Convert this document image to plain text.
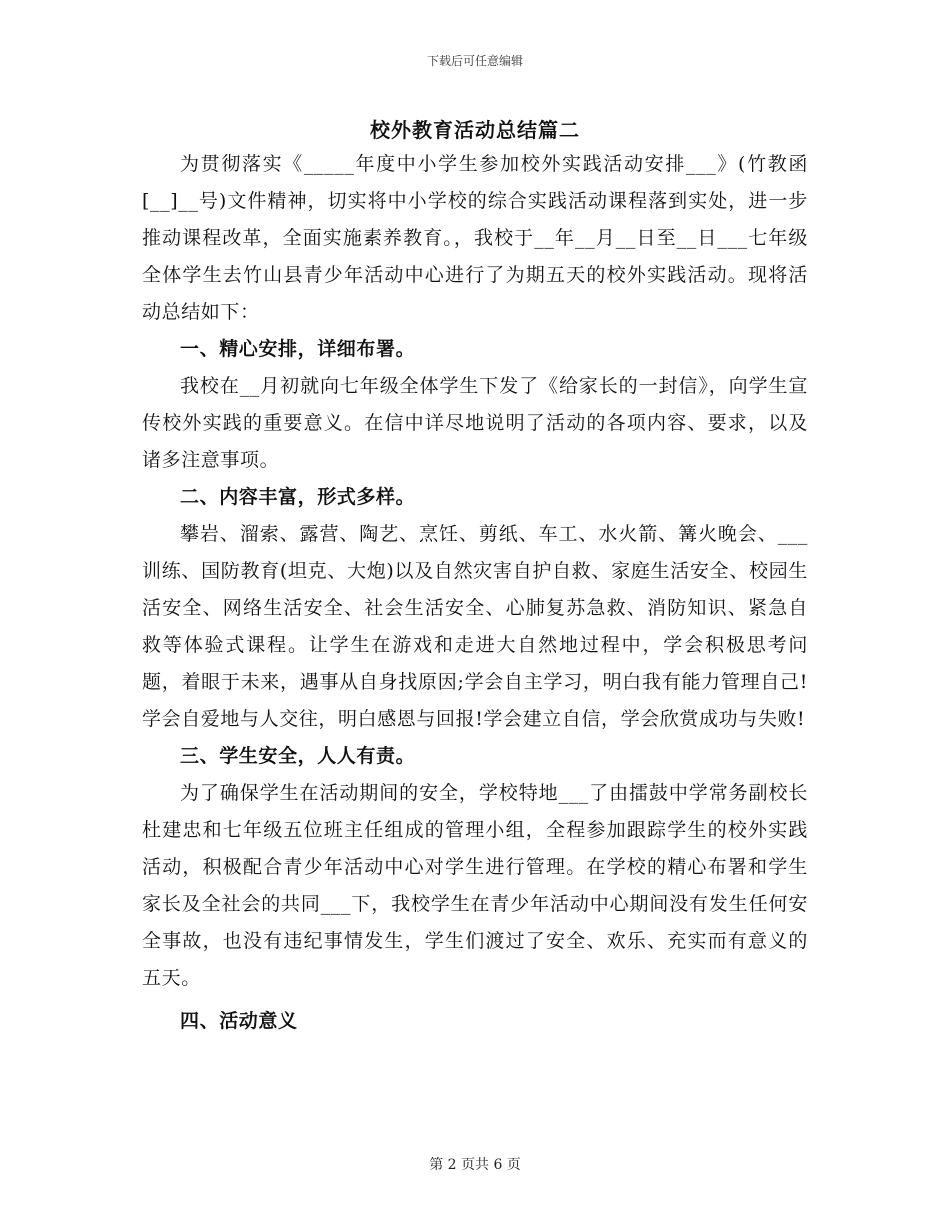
下载后可任意编辑
校外教育活动总结篇二

为贯彻落实《_____年度中小学生参加校外实践活动安排___》(竹教函[__]__号)文件精神，切实将中小学校的综合实践活动课程落到实处，进一步推动课程改革，全面实施素养教育。，我校于__年__月__日至__日___七年级全体学生去竹山县青少年活动中心进行了为期五天的校外实践活动。现将活动总结如下：

一、精心安排，详细布署。

我校在__月初就向七年级全体学生下发了《给家长的一封信》，向学生宣传校外实践的重要意义。在信中详尽地说明了活动的各项内容、要求，以及诸多注意事项。

二、内容丰富，形式多样。

攀岩、溜索、露营、陶艺、烹饪、剪纸、车工、水火箭、篝火晚会、___训练、国防教育(坦克、大炮)以及自然灾害自护自救、家庭生活安全、校园生活安全、网络生活安全、社会生活安全、心肺复苏急救、消防知识、紧急自救等体验式课程。让学生在游戏和走进大自然地过程中，学会积极思考问题，着眼于未来，遇事从自身找原因;学会自主学习，明白我有能力管理自己!学会自爱地与人交往，明白感恩与回报!学会建立自信，学会欣赏成功与失败!

三、学生安全，人人有责。

为了确保学生在活动期间的安全，学校特地___了由擂鼓中学常务副校长杜建忠和七年级五位班主任组成的管理小组，全程参加跟踪学生的校外实践活动，积极配合青少年活动中心对学生进行管理。在学校的精心布署和学生家长及全社会的共同___下，我校学生在青少年活动中心期间没有发生任何安全事故，也没有违纪事情发生，学生们渡过了安全、欢乐、充实而有意义的五天。

四、活动意义

第 2 页共 6 页
